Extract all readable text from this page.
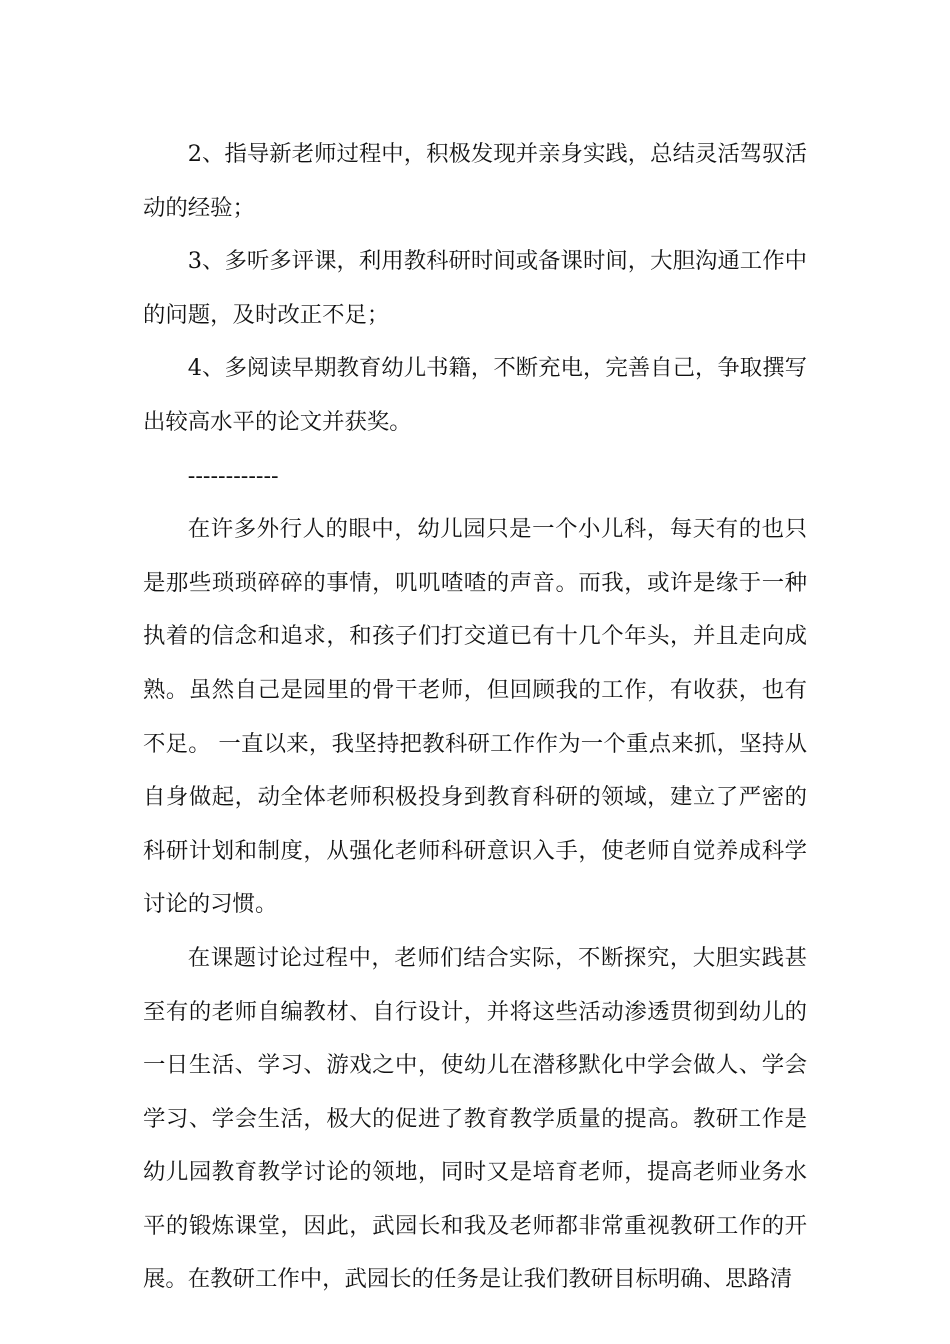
2、指导新老师过程中，积极发现并亲身实践，总结灵活驾驭活动的经验；

3、多听多评课，利用教科研时间或备课时间，大胆沟通工作中的问题，及时改正不足；

4、多阅读早期教育幼儿书籍，不断充电，完善自己，争取撰写出较高水平的论文并获奖。

------------

在许多外行人的眼中，幼儿园只是一个小儿科，每天有的也只是那些琐琐碎碎的事情，叽叽喳喳的声音。而我，或许是缘于一种执着的信念和追求，和孩子们打交道已有十几个年头，并且走向成熟。虽然自己是园里的骨干老师，但回顾我的工作，有收获，也有不足。 一直以来，我坚持把教科研工作作为一个重点来抓，坚持从自身做起，动全体老师积极投身到教育科研的领域，建立了严密的科研计划和制度，从强化老师科研意识入手，使老师自觉养成科学讨论的习惯。

在课题讨论过程中，老师们结合实际，不断探究，大胆实践甚至有的老师自编教材、自行设计，并将这些活动渗透贯彻到幼儿的一日生活、学习、游戏之中，使幼儿在潜移默化中学会做人、学会学习、学会生活，极大的促进了教育教学质量的提高。教研工作是幼儿园教育教学讨论的领地，同时又是培育老师，提高老师业务水平的锻炼课堂，因此，武园长和我及老师都非常重视教研工作的开展。在教研工作中，武园长的任务是让我们教研目标明确、思路清
